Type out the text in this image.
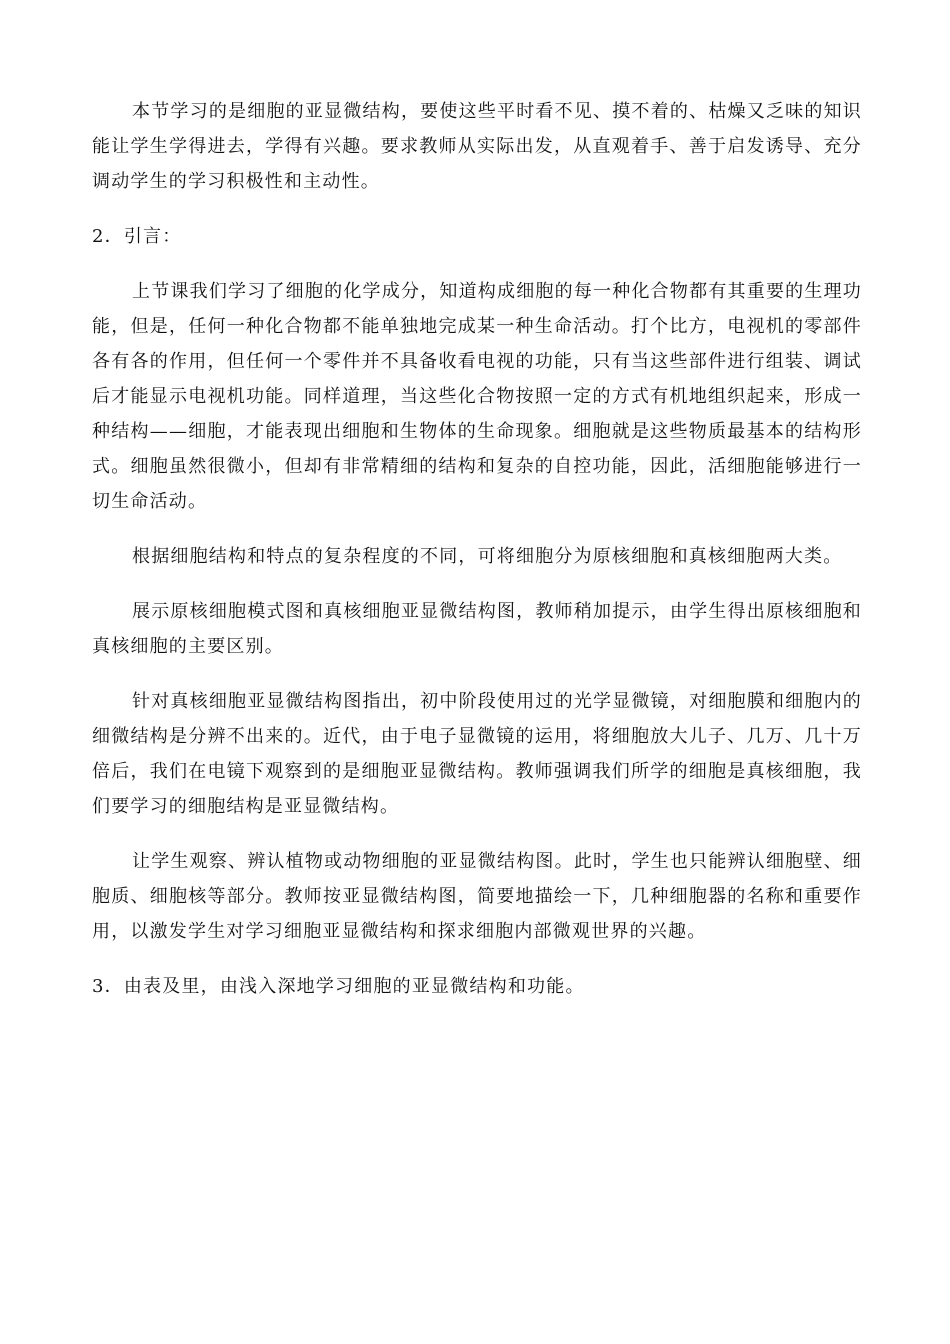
本节学习的是细胞的亚显微结构，要使这些平时看不见、摸不着的、枯燥又乏味的知识能让学生学得进去，学得有兴趣。要求教师从实际出发，从直观着手、善于启发诱导、充分调动学生的学习积极性和主动性。

2．引言：

上节课我们学习了细胞的化学成分，知道构成细胞的每一种化合物都有其重要的生理功能，但是，任何一种化合物都不能单独地完成某一种生命活动。打个比方，电视机的零部件各有各的作用，但任何一个零件并不具备收看电视的功能，只有当这些部件进行组装、调试后才能显示电视机功能。同样道理，当这些化合物按照一定的方式有机地组织起来，形成一种结构——细胞，才能表现出细胞和生物体的生命现象。细胞就是这些物质最基本的结构形式。细胞虽然很微小，但却有非常精细的结构和复杂的自控功能，因此，活细胞能够进行一切生命活动。

根据细胞结构和特点的复杂程度的不同，可将细胞分为原核细胞和真核细胞两大类。

展示原核细胞模式图和真核细胞亚显微结构图，教师稍加提示，由学生得出原核细胞和真核细胞的主要区别。

针对真核细胞亚显微结构图指出，初中阶段使用过的光学显微镜，对细胞膜和细胞内的细微结构是分辨不出来的。近代，由于电子显微镜的运用，将细胞放大儿子、几万、几十万倍后，我们在电镜下观察到的是细胞亚显微结构。教师强调我们所学的细胞是真核细胞，我们要学习的细胞结构是亚显微结构。

让学生观察、辨认植物或动物细胞的亚显微结构图。此时，学生也只能辨认细胞壁、细胞质、细胞核等部分。教师按亚显微结构图，简要地描绘一下，几种细胞器的名称和重要作用，以激发学生对学习细胞亚显微结构和探求细胞内部微观世界的兴趣。

3．由表及里，由浅入深地学习细胞的亚显微结构和功能。
